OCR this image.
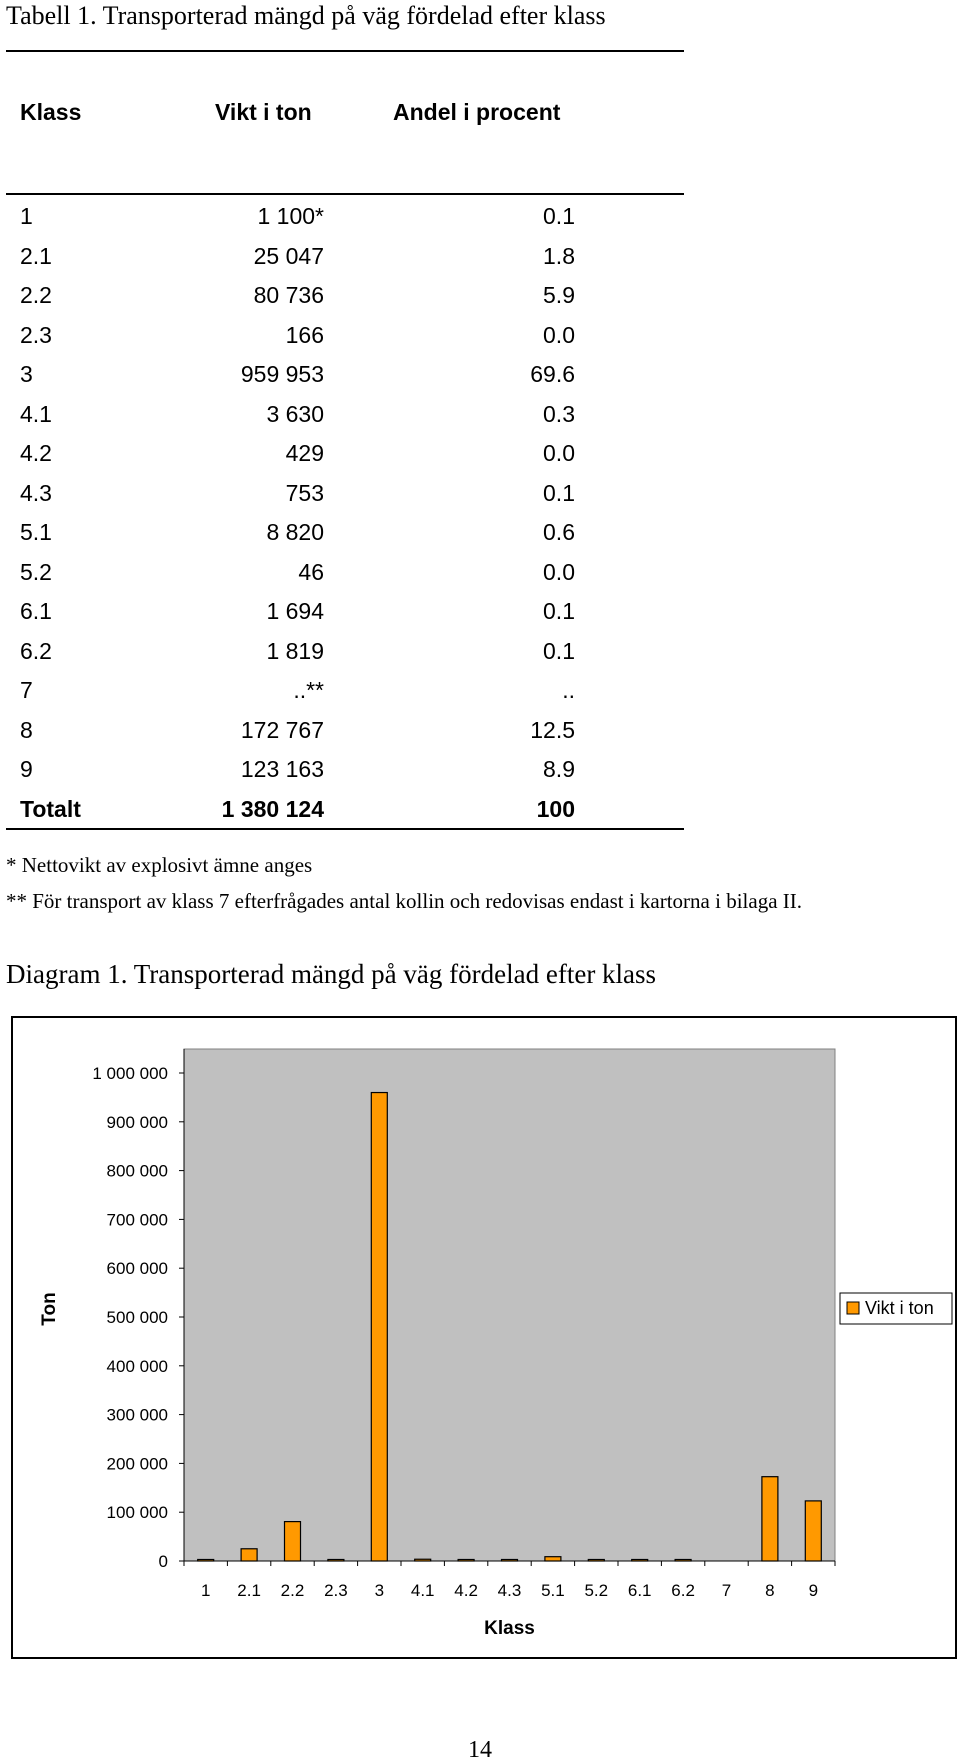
Tabell 1. Transporterad mängd på väg fördelad efter klass
Klass	Vikt i ton	Andel i procent
1	1 100*	0.1
2.1	25 047	1.8
2.2	80 736	5.9
2.3	166	0.0
3	959 953	69.6
4.1	3 630	0.3
4.2	429	0.0
4.3	753	0.1
5.1	8 820	0.6
5.2	46	0.0
6.1	1 694	0.1
6.2	1 819	0.1
7	..**	..
8	172 767	12.5
9	123 163	8.9
Totalt	1 380 124	100
* Nettovikt av explosivt ämne anges
** För transport av klass 7 efterfrågades antal kollin och redovisas endast i kartorna i bilaga II.
Diagram 1. Transporterad mängd på väg fördelad efter klass
0
100 000
200 000
300 000
400 000
500 000
600 000
700 000
800 000
900 000
1 000 000
Ton
1 2.1 2.2 2.3 3 4.1 4.2 4.3 5.1 5.2 6.1 6.2 7 8 9
Klass
Vikt i ton
14
